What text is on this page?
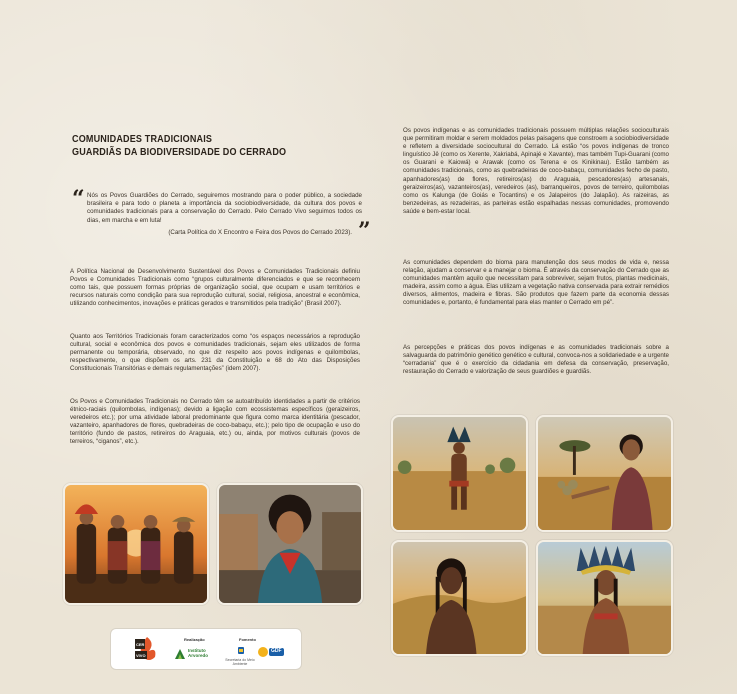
COMUNIDADES TRADICIONAIS
GUARDIÃS DA BIODIVERSIDADE DO CERRADO
“ Nós os Povos Guardiões do Cerrado, seguiremos mostrando para o poder público, a sociedade brasileira e para todo o planeta a importância da sociobiodiversidade, da cultura dos povos e comunidades tradicionais para a conservação do Cerrado. Pelo Cerrado Vivo seguimos todos os dias, em marcha e em luta!	”
(Carta Política do X Encontro e Feira dos Povos do Cerrado 2023).

A Política Nacional de Desenvolvimento Sustentável dos Povos e Comunidades Tradicionais definiu Povos e Comunidades Tradicionais como “grupos culturalmente diferenciados e que se reconhecem como tais, que possuem formas próprias de organização social, que ocupam e usam territórios e recursos naturais como condição para sua reprodução cultural, social, religiosa, ancestral e econômica, utilizando conhecimentos, inovações e práticas gerados e transmitidos pela tradição” (Brasil 2007).

Quanto aos Territórios Tradicionais foram caracterizados como “os espaços necessários a reprodução cultural, social e econômica dos povos e comunidades tradicionais, sejam eles utilizados de forma permanente ou temporária, observado, no que diz respeito aos povos indígenas e quilombolas, respectivamente, o que dispõem os arts. 231 da Constituição e 68 do Ato das Disposições Constitucionais Transitórias e demais regulamentações” (idem 2007).

Os Povos e Comunidades Tradicionais no Cerrado têm se autoatribuído identidades a partir de critérios étnico-raciais (quilombolas, indígenas); devido a ligação com ecossistemas específicos (geraizeiros, veredeiros etc.); por uma atividade laboral predominante que figura como marca identitária (pescador, vazanteiro, apanhadores de flores, quebradeiras de coco-babaçu, etc.); pelo tipo de ocupação e uso do território (fundo de pastos, retireiros do Araguaia, etc.) ou, ainda, por motivos culturais (povos de terreiros, “ciganos”, etc.).

Os povos indígenas e as comunidades tradicionais possuem múltiplas relações socioculturais que permitiram moldar e serem moldados pelas paisagens que constroem a sociobiodiversidade e refletem a diversidade sociocultural do Cerrado. Lá estão “os povos indígenas de tronco linguístico Jê (como os Xerente, Xakriabá, Apinajé e Xavante), mas também Tupi-Guarani (como os Guarani e Kaiowá) e Arawak (como os Terena e os Kinikinau). Estão também as comunidades tradicionais, como as quebradeiras de coco-babaçu, comunidades fecho de pasto, apanhadores(as) de flores, retireiros(as) do Araguaia, pescadores(as) artesanais, geraizeiros(as), vazanteiros(as), veredeiros (as), barranqueiros, povos de terreiro, quilombolas como os Kalunga (de Goiás e Tocantins) e os Jalapeiros (do Jalapão). As raizeiras, as benzedeiras, as rezadeiras, as parteiras estão espalhadas nessas comunidades, promovendo saúde e bem-estar local.

As comunidades dependem do bioma para manutenção dos seus modos de vida e, nessa relação, ajudam a conservar e a manejar o bioma. É através da conservação do Cerrado que as comunidades mantêm aquilo que necessitam para sobreviver, sejam frutos, plantas medicinais, madeira, assim como a água. Elas utilizam a vegetação nativa conservada para extrair remédios diversos, alimentos, madeira e fibras. São produtos que fazem parte da economia dessas comunidades e, portanto, é fundamental para elas manter o Cerrado em pé”.

As percepções e práticas dos povos indígenas e as comunidades tradicionais sobre a salvaguarda do patrimônio genético genético e cultural, convoca-nos a solidariedade e a urgente “cerradania” que é o exercício da cidadania em defesa da conservação, preservação, restauração do Cerrado e valorização de seus guardiões e guardiãs.

CER
VIVO
Realização
Instituto Arvoredo
Fomento
Secretaria do Meio Ambiente
GDF
